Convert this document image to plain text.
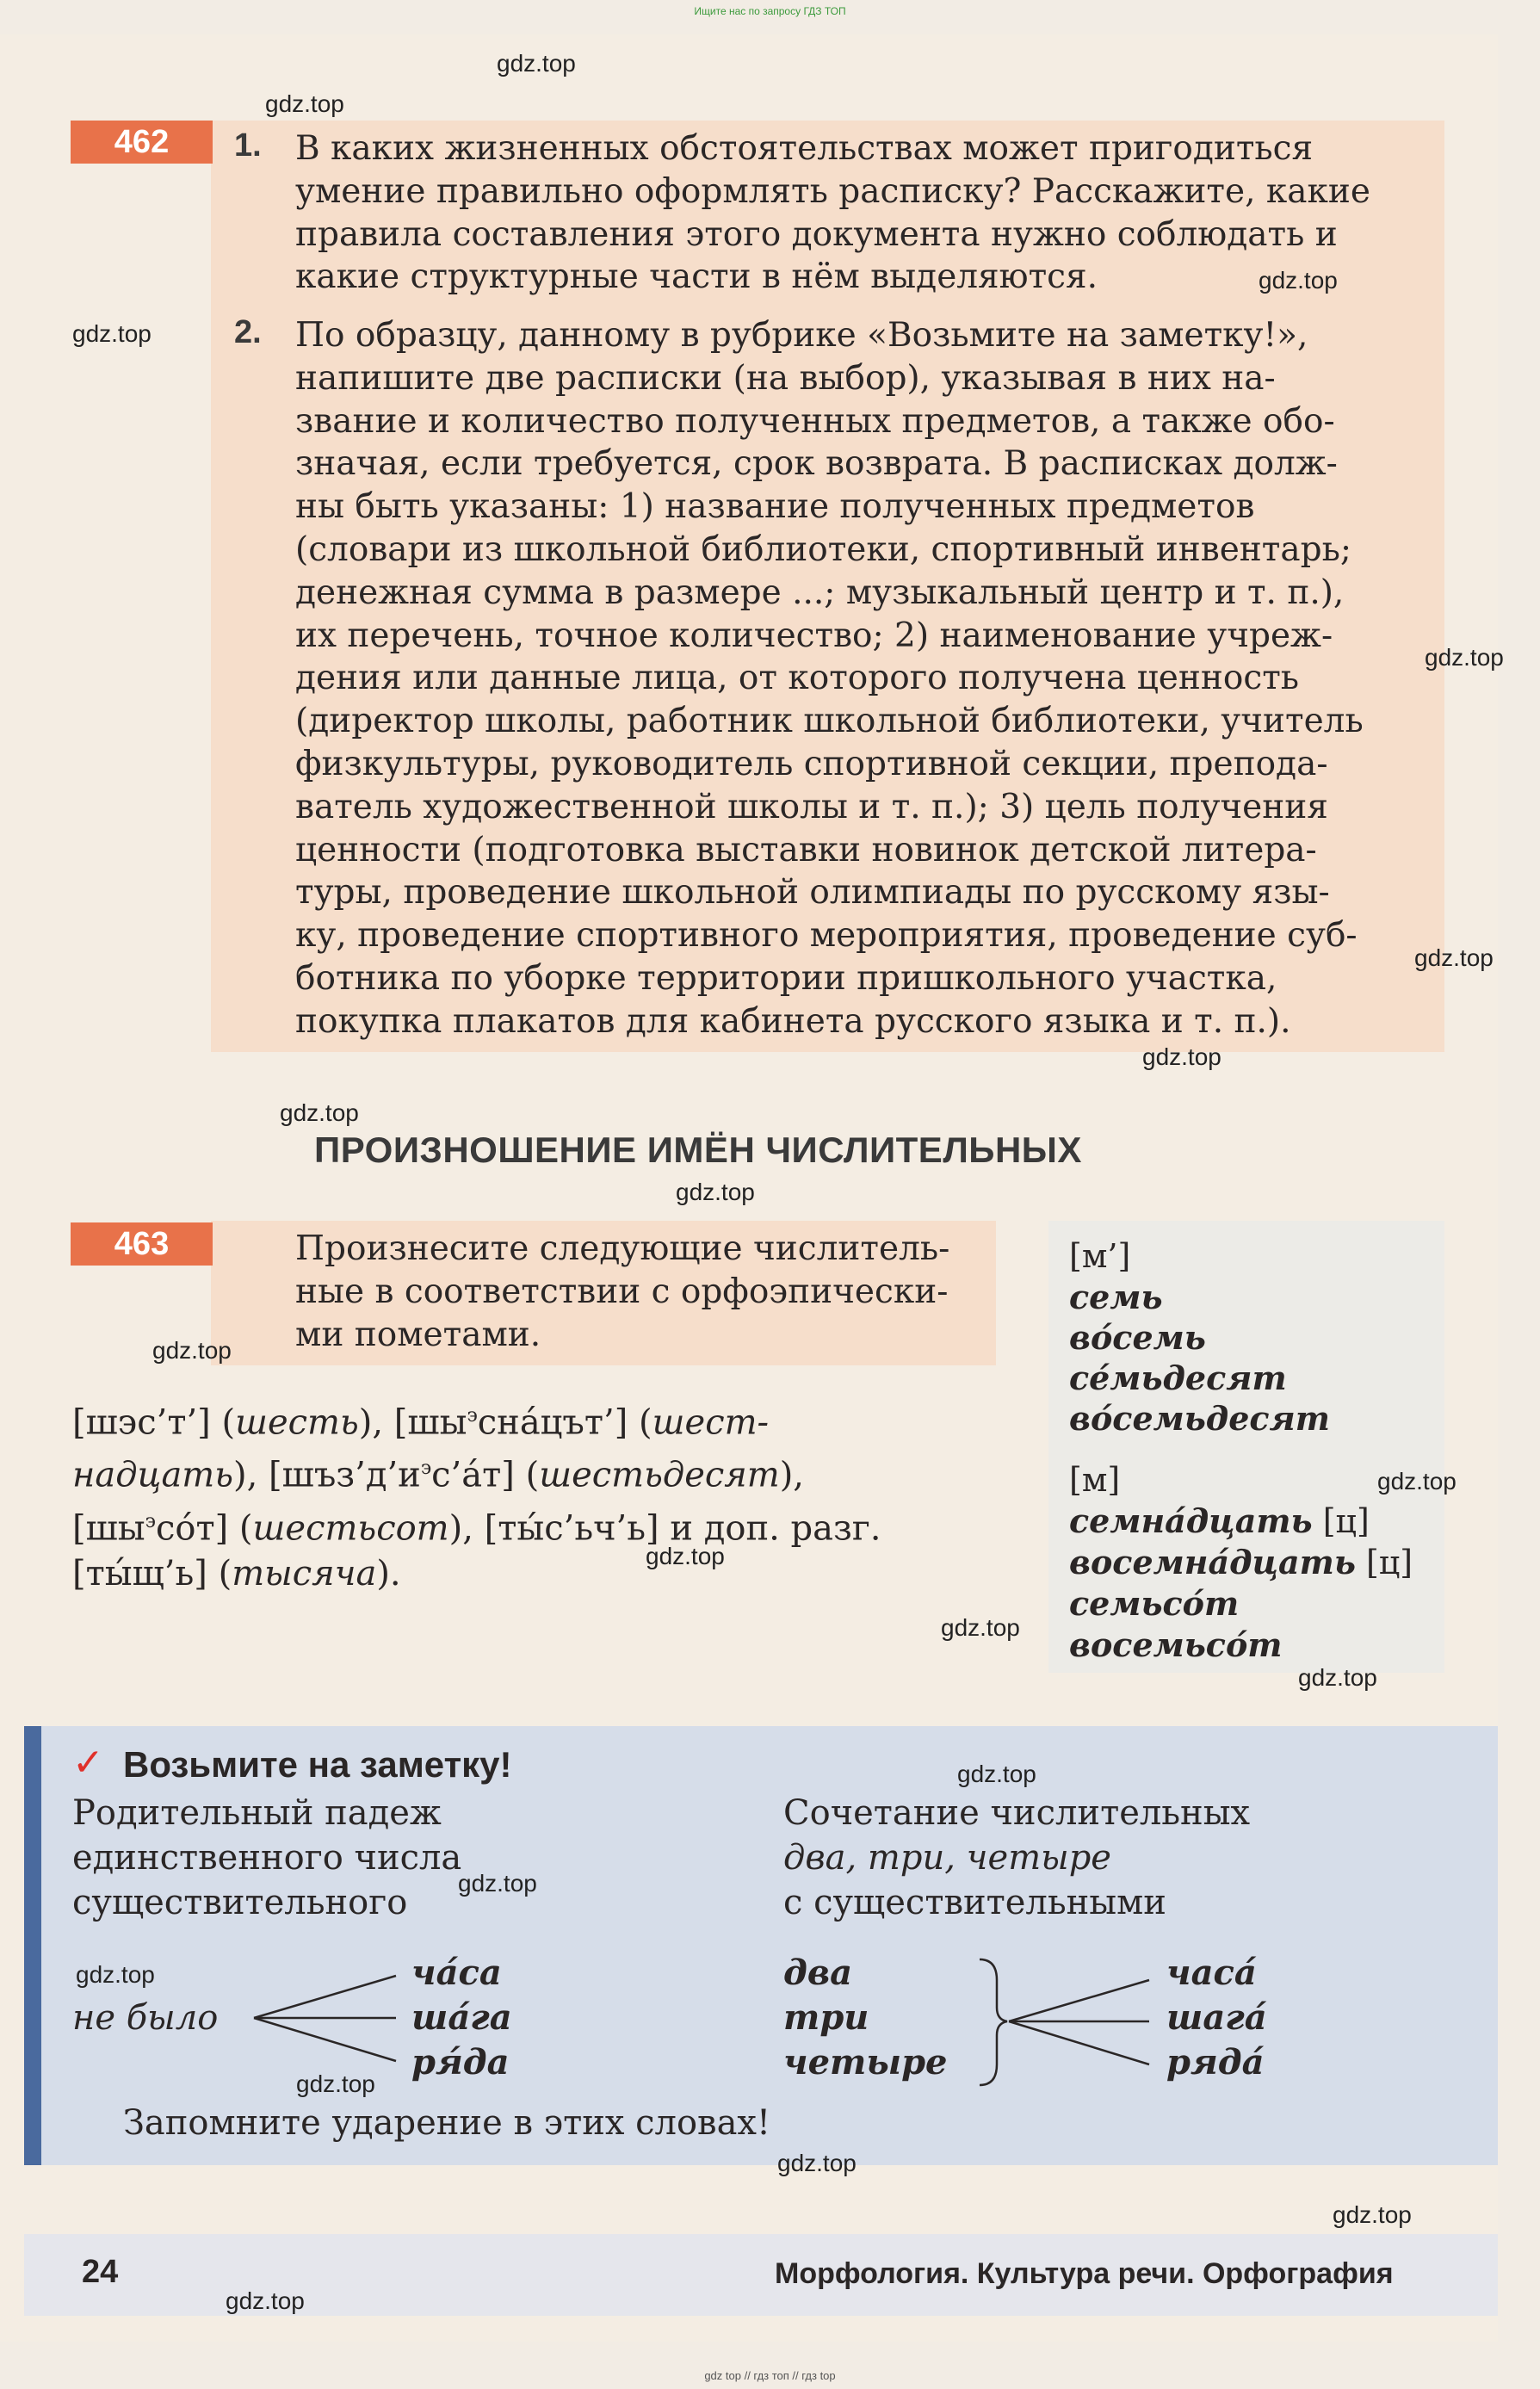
Ищите нас по запросу ГДЗ ТОП
462	1. В каких жизненных обстоятельствах может пригодиться
умение правильно оформлять расписку? Расскажите, какие
правила составления этого документа нужно соблюдать и
какие структурные части в нём выделяются.
2. По образцу, данному в рубрике «Возьмите на заметку!»,
напишите две расписки (на выбор), указывая в них на-
звание и количество полученных предметов, а также обо-
значая, если требуется, срок возврата. В расписках долж-
ны быть указаны: 1) название полученных предметов
(словари из школьной библиотеки, спортивный инвентарь;
денежная сумма в размере ...; музыкальный центр и т. п.),
их перечень, точное количество; 2) наименование учреж-
дения или данные лица, от которого получена ценность
(директор школы, работник школьной библиотеки, учитель
физкультуры, руководитель спортивной секции, препода-
ватель художественной школы и т. п.); 3) цель получения
ценности (подготовка выставки новинок детской литера-
туры, проведение школьной олимпиады по русскому язы-
ку, проведение спортивного мероприятия, проведение суб-
ботника по уборке территории пришкольного участка,
покупка плакатов для кабинета русского языка и т. п.).
ПРОИЗНОШЕНИЕ ИМЁН ЧИСЛИТЕЛЬНЫХ
463	Произнесите следующие числитель-
ные в соответствии с орфоэпически-
ми пометами.
[шэс’т’] (шесть), $[шы^эсна́цът’]$ (шест-
надцать), $[шъз’д’и^эс’а́т]$ (шестьдесят),
$[шы^эсо́т]$ (шестьсот), [ты́с’ьч’ь] и доп. разг.
[ты́щ’ь] (тысяча).
[м’]
семь
во́семь
се́мьдесят
во́семьдесят
[м]
семна́дцать [ц]
восемна́дцать [ц]
семьсо́т
восемьсо́т
✓ Возьмите на заметку!
Родительный падеж
единственного числа
существительного
Сочетание числительных
два, три, четыре
с существительными
не было
ча́са
ша́га
ря́да
два
три
четыре
часа́
шага́
ряда́
Запомните ударение в этих словах!
24	Морфология. Культура речи. Орфография
gdz.top
gdz.top
gdz.top
gdz.top
gdz.top
gdz.top
gdz.top
gdz.top
gdz.top
gdz.top
gdz.top
gdz.top
gdz.top
gdz.top
gdz.top
gdz.top
gdz.top
gdz.top
gdz.top
gdz.top
gdz.top
gdz top // гдз топ // гдз top
